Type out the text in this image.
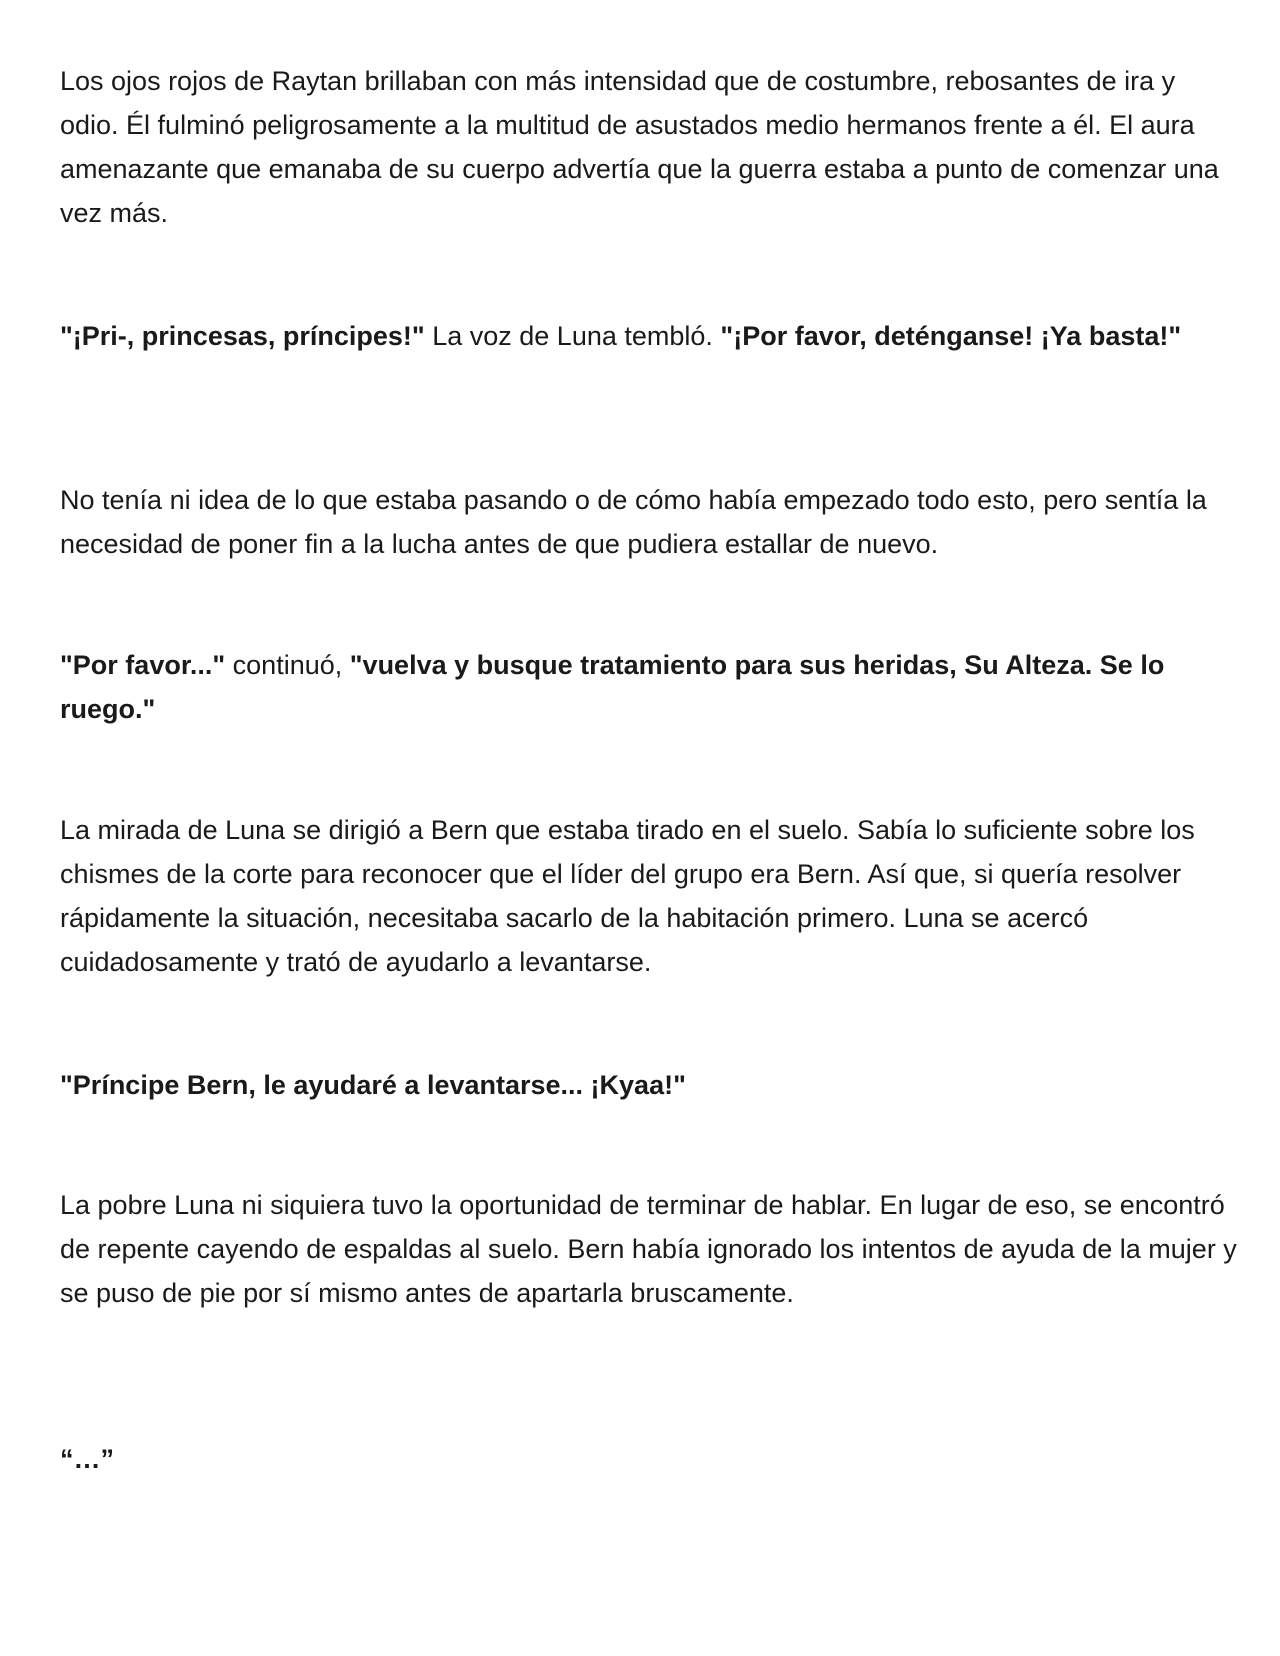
Los ojos rojos de Raytan brillaban con más intensidad que de costumbre, rebosantes de ira y odio. Él fulminó peligrosamente a la multitud de asustados medio hermanos frente a él. El aura amenazante que emanaba de su cuerpo advertía que la guerra estaba a punto de comenzar una vez más.

"¡Pri-, princesas, príncipes!" La voz de Luna tembló. "¡Por favor, deténganse! ¡Ya basta!"

No tenía ni idea de lo que estaba pasando o de cómo había empezado todo esto, pero sentía la necesidad de poner fin a la lucha antes de que pudiera estallar de nuevo.

"Por favor..." continuó, "vuelva y busque tratamiento para sus heridas, Su Alteza. Se lo ruego."

La mirada de Luna se dirigió a Bern que estaba tirado en el suelo. Sabía lo suficiente sobre los chismes de la corte para reconocer que el líder del grupo era Bern. Así que, si quería resolver rápidamente la situación, necesitaba sacarlo de la habitación primero. Luna se acercó cuidadosamente y trató de ayudarlo a levantarse.

"Príncipe Bern, le ayudaré a levantarse... ¡Kyaa!"

La pobre Luna ni siquiera tuvo la oportunidad de terminar de hablar. En lugar de eso, se encontró de repente cayendo de espaldas al suelo. Bern había ignorado los intentos de ayuda de la mujer y se puso de pie por sí mismo antes de apartarla bruscamente.

“…”
